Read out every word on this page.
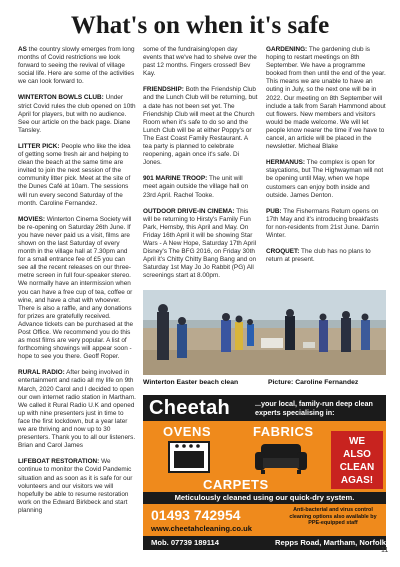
What's on when it's safe

AS the country slowly emerges from long months of Covid restrictions we look forward to seeing the revival of village social life. Here are some of the activities we can look forward to.

WINTERTON BOWLS CLUB: Under strict Covid rules the club opened on 10th April for players, but with no audience. See our article on the back page. Diane Tansley.

LITTER PICK: People who like the idea of getting some fresh air and helping to clean the beach at the same time are invited to join the next session of the community litter pick. Meet at the site of the Dunes Café at 10am. The sessions will run every second Saturday of the month. Caroline Fernandez.

MOVIES: Winterton Cinema Society will be re-opening on Saturday 26th June. If you have never paid us a visit, films are shown on the last Saturday of every month in the village hall at 7.30pm and for a small entrance fee of £5 you can see all the recent releases on our three-metre screen in full four-speaker stereo. We normally have an intermission when you can have a free cup of tea, coffee or wine, and have a chat with whoever. There is also a raffle, and any donations for prizes are gratefully received. Advance tickets can be purchased at the Post Office. We recommend you do this as most films are very popular. A list of forthcoming showings will appear soon - hope to see you there. Geoff Roper.

RURAL RADIO: After being involved in entertainment and radio all my life on 9th March, 2020 Carol and I decided to open our own internet radio station in Martham. We called it Rural Radio U.K and opened up with nine presenters just in time to face the first lockdown, but a year later we are thriving and now up to 30 presenters. Thank you to all our listeners. Brian and Carol James

LIFEBOAT RESTORATION: We continue to monitor the Covid Pandemic situation and as soon as it is safe for our volunteers and our visitors we will hopefully be able to resume restoration work on the Edward Birkbeck and start planning

some of the fundraising/open day events that we've had to shelve over the past 12 months. Fingers crossed! Bev Kay.

FRIENDSHIP: Both the Friendship Club and the Lunch Club will be returning, but a date has not been set yet. The Friendship Club will meet at the Church Room when it's safe to do so and the Lunch Club will be at either Poppy's or The East Coast Family Restaurant. A tea party is planned to celebrate reopening, again once it's safe. Di Jones.

901 MARINE TROOP: The unit will meet again outside the village hall on 23rd April. Rachel Tooke.

OUTDOOR DRIVE-IN CINEMA: This will be returning to Hirsty's Family Fun Park, Hemsby, this April and May. On Friday 16th April it will be showing Star Wars - A New Hope, Saturday 17th April Disney's The BFG 2016, on Friday 30th April it's Chitty Chitty Bang Bang and on Saturday 1st May Jo Jo Rabbit (PG) All screenings start at 8.00pm.

GARDENING: The gardening club is hoping to restart meetings on 8th September. We have a programme booked from then until the end of the year. This means we are unable to have an outing in July, so the next one will be in 2022. Our meeting on 8th September will include a talk from Sarah Hammond about cut flowers. New members and visitors would be made welcome. We will let people know nearer the time if we have to cancel, an article will be placed in the newsletter. Micheal Blake

HERMANUS: The complex is open for staycations, but The Highwayman will not be opening until May, when we hope customers can enjoy both inside and outside. James Denton.

PUB: The Fishermans Return opens on 17th May and it's introducing breakfasts for non-residents from 21st June. Darrin Winter.

CROQUET: The club has no plans to return at present.

Winterton Easter beach clean	Picture: Caroline Fernandez
Cheetah	...your local, family-run deep clean experts specialising in:
OVENS	FABRICS
CARPETS
WE
ALSO
CLEAN
AGAS!
Meticulously cleaned using our quick-dry system.
01493 742954
www.cheetahcleaning.co.uk
Anti-bacterial and virus control cleaning options also available by PPE-equipped staff
Mob. 07739 189114	Repps Road, Martham, Norfolk
11
